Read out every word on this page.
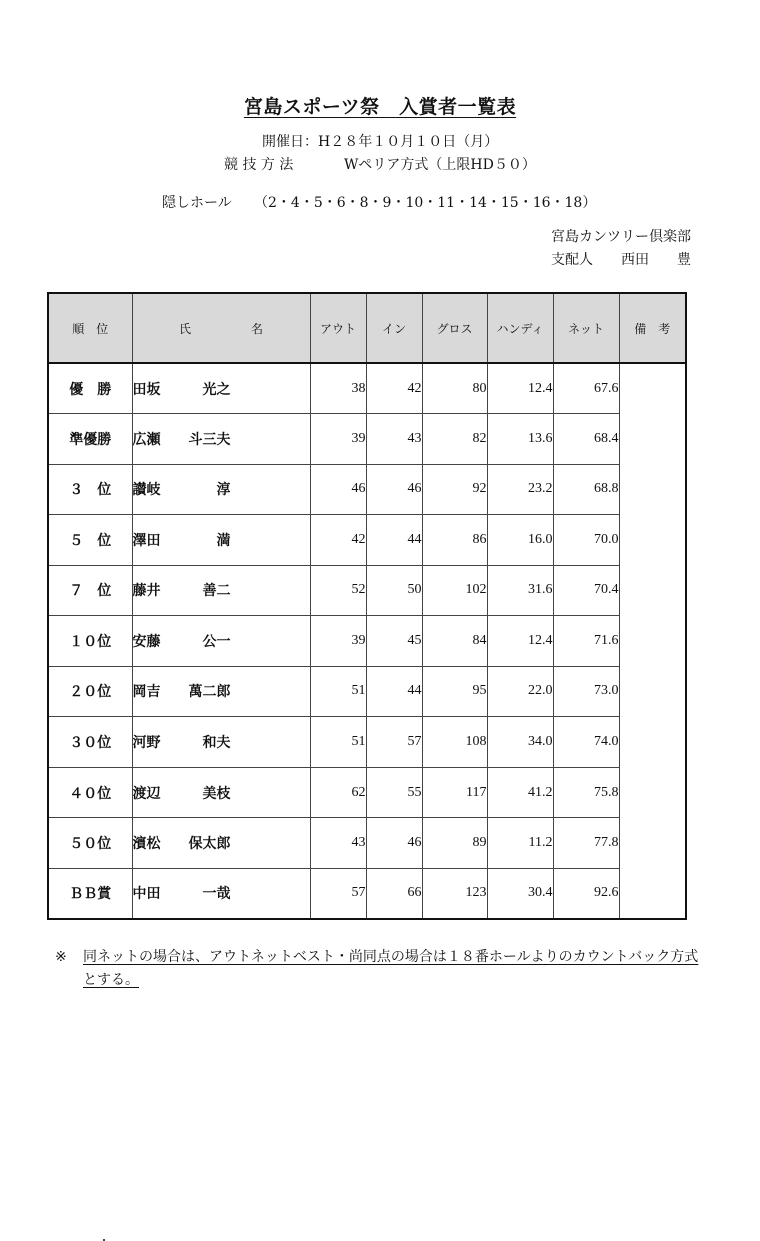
宮島スポーツ祭　入賞者一覧表
開催日：H２８年１０月１０日（月）
競 技 方 法	Wペリア方式（上限HD５０）
隠しホール （2・4・5・6・8・9・10・11・14・15・16・18）
宮島カンツリー倶楽部
支配人　　西田　　豊
順　位	氏　　　　　名	アウト	イン	グロス	ハンディ	ネット	備　考
優　勝	田坂　　　光之	38	42	80	12.4	67.6	

準優勝	広瀬　　斗三夫	39	43	82	13.6	68.4	

３　位	讃岐　　　　淳	46	46	92	23.2	68.8	

５　位	澤田　　　　満	42	44	86	16.0	70.0	

７　位	藤井　　　善二	52	50	102	31.6	70.4	

１０位	安藤　　　公一	39	45	84	12.4	71.6	

２０位	岡吉　　萬二郎	51	44	95	22.0	73.0	

３０位	河野　　　和夫	51	57	108	34.0	74.0	

４０位	渡辺　　　美枝	62	55	117	41.2	75.8	

５０位	濱松　　保太郎	43	46	89	11.2	77.8	

ＢＢ賞	中田　　　一哉	57	66	123	30.4	92.6	
※ 同ネットの場合は、アウトネットベスト・尚同点の場合は１８番ホールよりのカウントバック方式とする。
